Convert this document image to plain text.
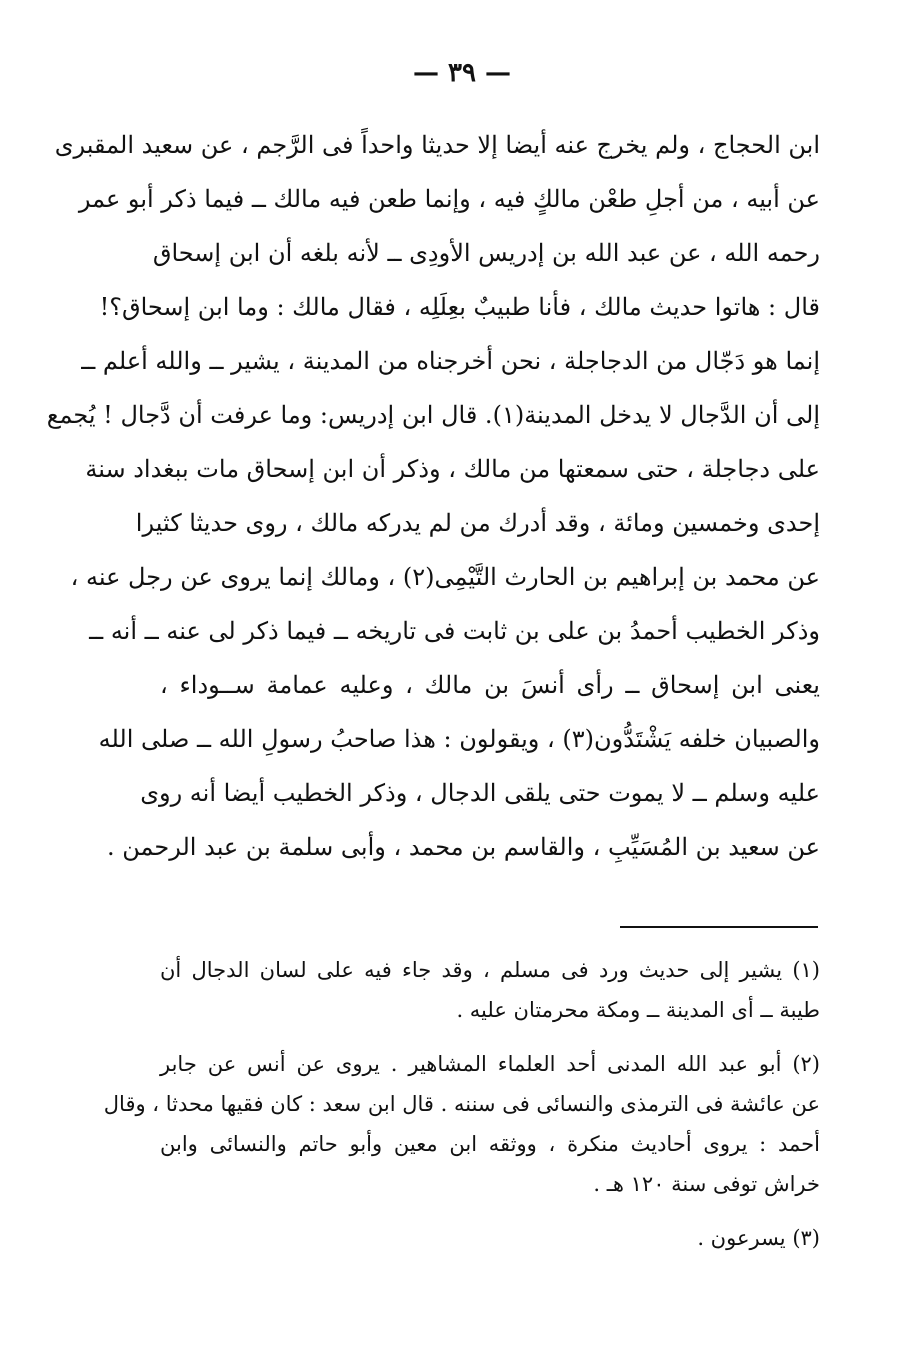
— ٣٩ —
ابن الحجاج ، ولم يخرج عنه أيضا إلا حديثا واحداً فى الرَّجم ، عن سعيد المقبرى
عن أبيه ، من أجلِ طعْن مالكٍ فيه ، وإنما طعن فيه مالك ــ فيما ذكر أبو عمر
رحمه الله ، عن عبد الله بن إدريس الأودِى ــ لأنه بلغه أن ابن إسحاق
قال : هاتوا حديث مالك ، فأنا طبيبٌ بعِلَلِه ، فقال مالك : وما ابن إسحاق؟!
إنما هو دَجّال من الدجاجلة ، نحن أخرجناه من المدينة ، يشير ــ والله أعلم ــ
إلى أن الدَّجال لا يدخل المدينة(١). قال ابن إدريس: وما عرفت أن دَّجال ! يُجمع
على دجاجلة ، حتى سمعتها من مالك ، وذكر أن ابن إسحاق مات ببغداد سنة
إحدى وخمسين ومائة ، وقد أدرك من لم يدركه مالك ، روى حديثا كثيرا
عن محمد بن إبراهيم بن الحارث التَّيْمِى(٢) ، ومالك إنما يروى عن رجل عنه ،
وذكر الخطيب أحمدُ بن على بن ثابت فى تاريخه ــ فيما ذكر لى عنه ــ أنه ــ
يعنى ابن إسحاق ــ رأى أنسَ بن مالك ، وعليه عمامة ســوداء ،
والصبيان خلفه يَشْتَدُّون(٣) ، ويقولون : هذا صاحبُ رسولِ الله ــ صلى الله
عليه وسلم ــ لا يموت حتى يلقى الدجال ، وذكر الخطيب أيضا أنه روى
عن سعيد بن المُسَيِّبِ ، والقاسم بن محمد ، وأبى سلمة بن عبد الرحمن .
(١) يشير إلى حديث ورد فى مسلم ، وقد جاء فيه على لسان الدجال أن
طيبة ــ أى المدينة ــ ومكة محرمتان عليه .
(٢) أبو عبد الله المدنى أحد العلماء المشاهير . يروى عن أنس عن جابر
عن عائشة فى الترمذى والنسائى فى سننه . قال ابن سعد : كان فقيها محدثا ، وقال
أحمد : يروى أحاديث منكرة ، ووثقه ابن معين وأبو حاتم والنسائى وابن
خراش توفى سنة ١٢٠ هـ .
(٣) يسرعون .
